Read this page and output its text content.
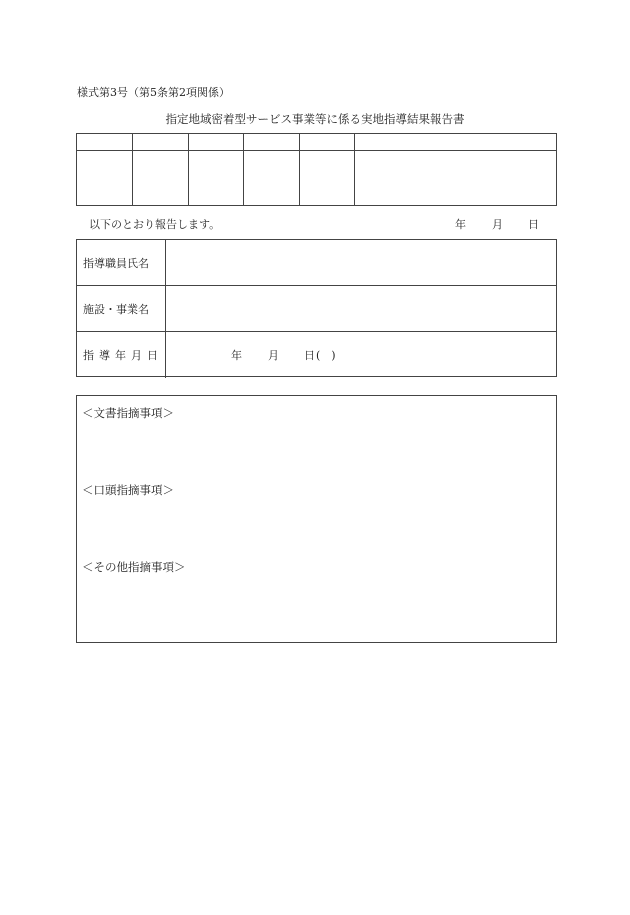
様式第3号（第5条第2項関係）
指定地域密着型サービス事業等に係る実地指導結果報告書
以下のとおり報告します。	年 月 日
指導職員氏名
施設・事業名
指導年月日	年 月 日 (　)
＜文書指摘事項＞
＜口頭指摘事項＞
＜その他指摘事項＞
